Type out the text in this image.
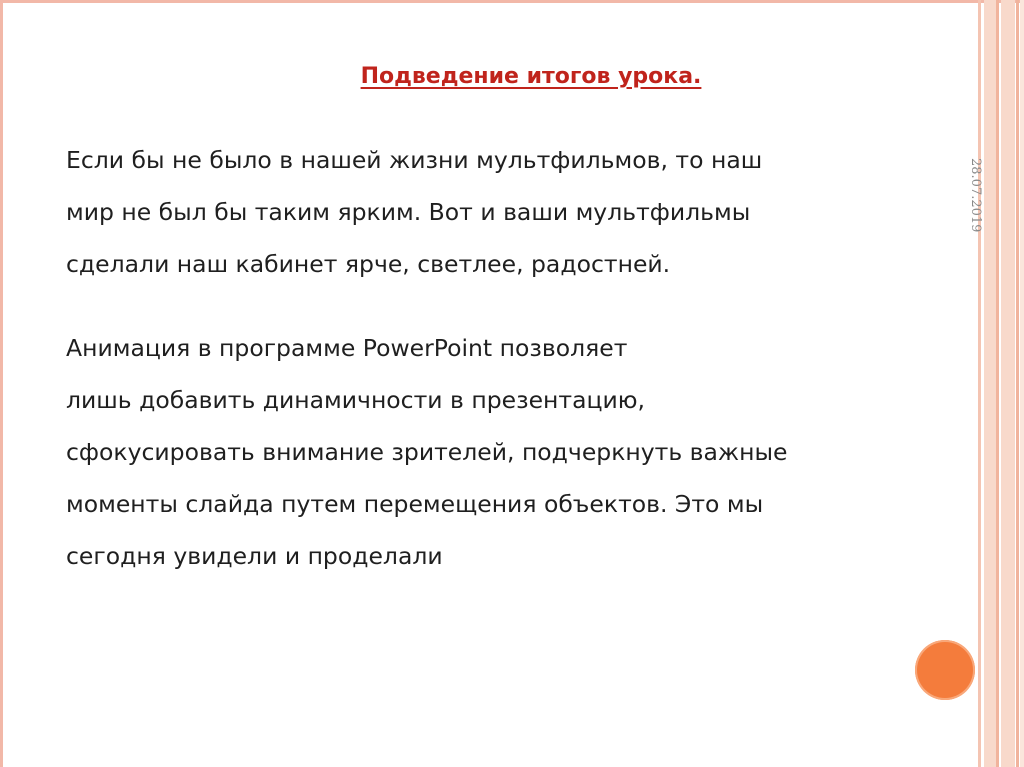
Подведение итогов урока.
28.07.2019
Если бы не было в нашей жизни мультфильмов, то наш
мир не был бы таким ярким. Вот и ваши мультфильмы
сделали наш кабинет ярче, светлее, радостней.
Анимация в программе PowerPoint позволяет
лишь добавить динамичности в презентацию,
сфокусировать внимание зрителей, подчеркнуть важные
моменты слайда путем перемещения объектов. Это мы
сегодня увидели и проделали
